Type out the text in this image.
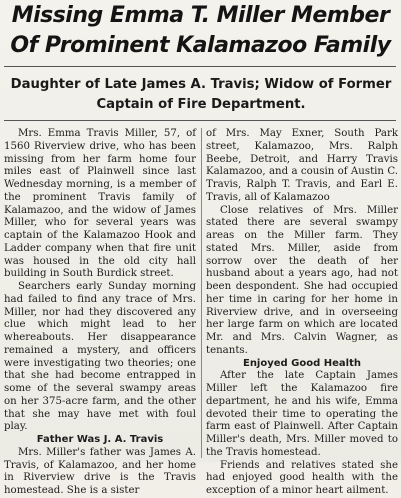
Missing Emma T. Miller Member
Of Prominent Kalamazoo Family
Daughter of Late James A. Travis; Widow of Former
Captain of Fire Department.

Mrs. Emma Travis Miller, 57, of 1560 Riverview drive, who has been missing from her farm home four miles east of Plainwell since last Wednesday morning, is a member of the prominent Travis family of Kalamazoo, and the widow of James Miller, who for several years was captain of the Kalamazoo Hook and Ladder company when that fire unit was housed in the old city hall building in South Burdick street.

Searchers early Sunday morning had failed to find any trace of Mrs. Miller, nor had they discovered any clue which might lead to her whereabouts. Her disappearance remained a mystery, and officers were investigating two theories; one that she had become entrapped in some of the several swampy areas on her 375-acre farm, and the other that she may have met with foul play.

Father Was J. A. Travis

Mrs. Miller's father was James A. Travis, of Kalamazoo, and her home in Riverview drive is the Travis homestead. She is a sister

of Mrs. May Exner, South Park street, Kalamazoo, Mrs. Ralph Beebe, Detroit, and Harry Travis Kalamazoo, and a cousin of Austin C. Travis, Ralph T. Travis, and Earl E. Travis, all of Kalamazoo

Close relatives of Mrs. Miller stated there are several swampy areas on the Miller farm. They stated Mrs. Miller, aside from sorrow over the death of her husband about a years ago, had not been despondent. She had occupied her time in caring for her home in Riverview drive, and in overseeing her large farm on which are located Mr. and Mrs. Calvin Wagner, as tenants.

Enjoyed Good Health

After the late Captain James Miller left the Kalamazoo fire department, he and his wife, Emma devoted their time to operating the farm east of Plainwell. After Captain Miller's death, Mrs. Miller moved to the Travis homestead.

Friends and relatives stated she had enjoyed good health with the exception of a minor heart ailment.
